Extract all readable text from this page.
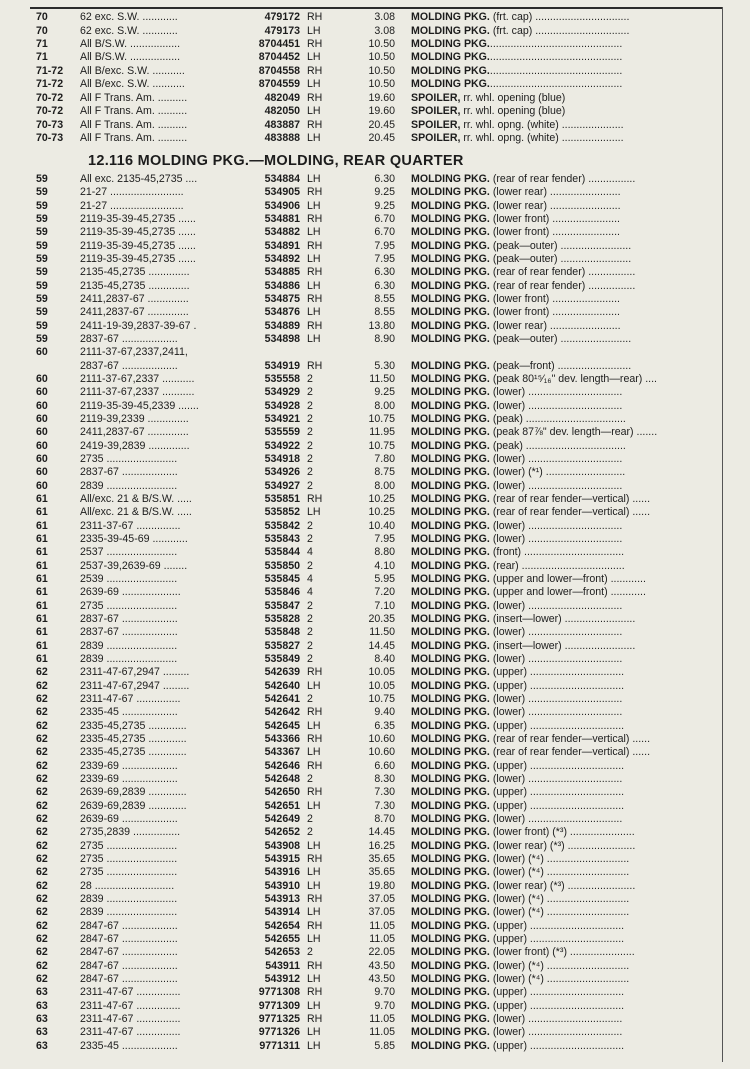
12.116 MOLDING PKG.—MOLDING, REAR QUARTER
70	62 exc. S.W. ............	479172 RH	3.08 MOLDING PKG. (frt. cap) ................................
70	62 exc. S.W. ............	479173 LH	3.08 MOLDING PKG. (frt. cap) ................................
71	All B/S.W. .................	8704451 RH	10.50 MOLDING PKG..............................................
71	All B/S.W. .................	8704452 LH	10.50 MOLDING PKG..............................................
71-72 All B/exc. S.W. ...........	8704558 RH	10.50 MOLDING PKG..............................................
71-72 All B/exc. S.W. ...........	8704559 LH	10.50 MOLDING PKG..............................................
70-72 All F Trans. Am. ..........	482049 RH	19.60 SPOILER, rr. whl. opening (blue)
70-72 All F Trans. Am. ..........	482050 LH	19.60 SPOILER, rr. whl. opening (blue)
70-73 All F Trans. Am. ..........	483887 RH	20.45 SPOILER, rr. whl. opng. (white) .....................
70-73 All F Trans. Am. ..........	483888 LH	20.45 SPOILER, rr. whl. opng. (white) .....................
59	All exc. 2135-45,2735 ....	534884 LH	6.30 MOLDING PKG. (rear of rear fender) ................
59	21-27 .........................	534905 RH	9.25 MOLDING PKG. (lower rear) ........................
59	21-27 .........................	534906 LH	9.25 MOLDING PKG. (lower rear) ........................
59	2119-35-39-45,2735 ......	534881 RH	6.70 MOLDING PKG. (lower front) .......................
59	2119-35-39-45,2735 ......	534882 LH	6.70 MOLDING PKG. (lower front) .......................
59	2119-35-39-45,2735 ......	534891 RH	7.95 MOLDING PKG. (peak—outer) ........................
59	2119-35-39-45,2735 ......	534892 LH	7.95 MOLDING PKG. (peak—outer) ........................
59	2135-45,2735 ..............	534885 RH	6.30 MOLDING PKG. (rear of rear fender) ................
59	2135-45,2735 ..............	534886 LH	6.30 MOLDING PKG. (rear of rear fender) ................
59	2411,2837-67 ..............	534875 RH	8.55 MOLDING PKG. (lower front) .......................
59	2411,2837-67 ..............	534876 LH	8.55 MOLDING PKG. (lower front) .......................
59	2411-19-39,2837-39-67 .	534889 RH	13.80 MOLDING PKG. (lower rear) ........................
59	2837-67 ...................	534898 LH	8.90 MOLDING PKG. (peak—outer) ........................
60	2111-37-67,2337,2411,
2837-67 ...................	534919 RH	5.30 MOLDING PKG. (peak—front) .........................
60	2111-37-67,2337 ...........	535558 2	11.50 MOLDING PKG. (peak 80¹⁵⁄₁₆" dev. length—rear) ....
60	2111-37-67,2337 ...........	534929 2	9.25 MOLDING PKG. (lower) ................................
60	2119-35-39-45,2339 .......	534928 2	8.00 MOLDING PKG. (lower) ................................
60	2119-39,2339 ..............	534921 2	10.75 MOLDING PKG. (peak) ..................................
60	2411,2837-67 ..............	535559 2	11.95 MOLDING PKG. (peak 87⅞" dev. length—rear) .......
60	2419-39,2839 ..............	534922 2	10.75 MOLDING PKG. (peak) ..................................
60	2735 ........................	534918 2	7.80 MOLDING PKG. (lower) ................................
60	2837-67 ...................	534926 2	8.75 MOLDING PKG. (lower) (*¹) ...........................
60	2839 ........................	534927 2	8.00 MOLDING PKG. (lower) ................................
61	All/exc. 21 & B/S.W. .....	535851 RH	10.25 MOLDING PKG. (rear of rear fender—vertical) ......
61	All/exc. 21 & B/S.W. .....	535852 LH	10.25 MOLDING PKG. (rear of rear fender—vertical) ......
61	2311-37-67 ...............	535842 2	10.40 MOLDING PKG. (lower) ................................
61	2335-39-45-69 ............	535843 2	7.95 MOLDING PKG. (lower) ................................
61	2537 ........................	535844 4	8.80 MOLDING PKG. (front) ..................................
61	2537-39,2639-69 ........	535850 2	4.10 MOLDING PKG. (rear) ...................................
61	2539 ........................	535845 4	5.95 MOLDING PKG. (upper and lower—front) ............
61	2639-69 ....................	535846 4	7.20 MOLDING PKG. (upper and lower—front) ............
61	2735 ........................	535847 2	7.10 MOLDING PKG. (lower) ................................
61	2837-67 ...................	535828 2	20.35 MOLDING PKG. (insert—lower) ........................
61	2837-67 ...................	535848 2	11.50 MOLDING PKG. (lower) ................................
61	2839 ........................	535827 2	14.45 MOLDING PKG. (insert—lower) ........................
61	2839 ........................	535849 2	8.40 MOLDING PKG. (lower) ................................
62	2311-47-67,2947 .........	542639 RH	10.05 MOLDING PKG. (upper) ................................
62	2311-47-67,2947 .........	542640 LH	10.05 MOLDING PKG. (upper) ................................
62	2311-47-67 ...............	542641 2	10.75 MOLDING PKG. (lower) ................................
62	2335-45 ...................	542642 RH	9.40 MOLDING PKG. (lower) ................................
62	2335-45,2735 .............	542645 LH	6.35 MOLDING PKG. (upper) ................................
62	2335-45,2735 .............	543366 RH	10.60 MOLDING PKG. (rear of rear fender—vertical) ......
62	2335-45,2735 .............	543367 LH	10.60 MOLDING PKG. (rear of rear fender—vertical) ......
62	2339-69 ...................	542646 RH	6.60 MOLDING PKG. (upper) ................................
62	2339-69 ...................	542648 2	8.30 MOLDING PKG. (lower) ................................
62	2639-69,2839 .............	542650 RH	7.30 MOLDING PKG. (upper) ................................
62	2639-69,2839 .............	542651 LH	7.30 MOLDING PKG. (upper) ................................
62	2639-69 ...................	542649 2	8.70 MOLDING PKG. (lower) ................................
62	2735,2839 ................	542652 2	14.45 MOLDING PKG. (lower front) (*³) ......................
62	2735 ........................	543908 LH	16.25 MOLDING PKG. (lower rear) (*³) .......................
62	2735 ........................	543915 RH	35.65 MOLDING PKG. (lower) (*⁴) ............................
62	2735 ........................	543916 LH	35.65 MOLDING PKG. (lower) (*⁴) ............................
62	28 ...........................	543910 LH	19.80 MOLDING PKG. (lower rear) (*³) .......................
62	2839 ........................	543913 RH	37.05 MOLDING PKG. (lower) (*⁴) ............................
62	2839 ........................	543914 LH	37.05 MOLDING PKG. (lower) (*⁴) ............................
62	2847-67 ...................	542654 RH	11.05 MOLDING PKG. (upper) ................................
62	2847-67 ...................	542655 LH	11.05 MOLDING PKG. (upper) ................................
62	2847-67 ...................	542653 2	22.05 MOLDING PKG. (lower front) (*³) ......................
62	2847-67 ...................	543911 RH	43.50 MOLDING PKG. (lower) (*⁴) ............................
62	2847-67 ...................	543912 LH	43.50 MOLDING PKG. (lower) (*⁴) ............................
63	2311-47-67 ...............	9771308 RH	9.70 MOLDING PKG. (upper) ................................
63	2311-47-67 ...............	9771309 LH	9.70 MOLDING PKG. (upper) ................................
63	2311-47-67 ...............	9771325 RH	11.05 MOLDING PKG. (lower) ................................
63	2311-47-67 ...............	9771326 LH	11.05 MOLDING PKG. (lower) ................................
63	2335-45 ...................	9771311 LH	5.85 MOLDING PKG. (upper) ................................
